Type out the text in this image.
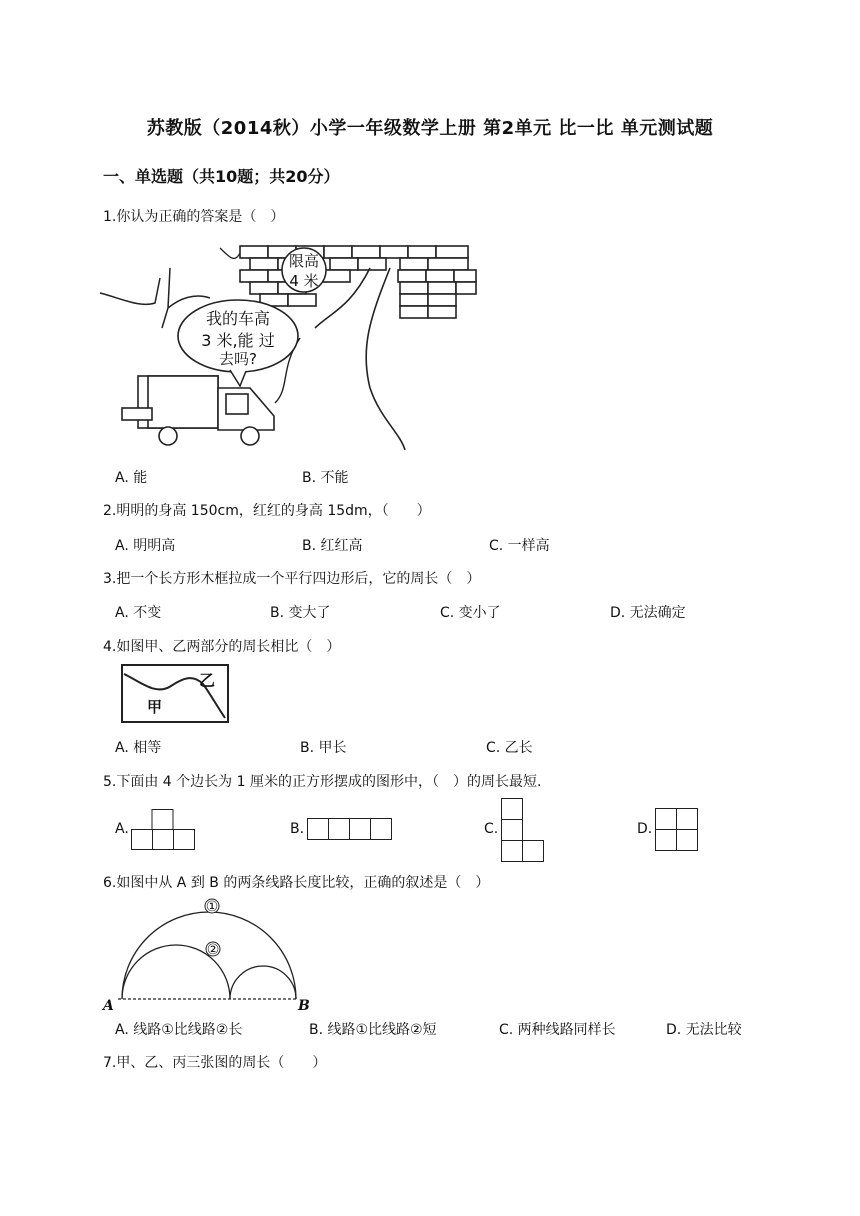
苏教版（2014秋）小学一年级数学上册 第2单元 比一比 单元测试题
一、单选题（共10题；共20分）
1.你认为正确的答案是（　）
限高
4 米
我的车高
3 米,能 过
去吗?
A. 能	B. 不能
2.明明的身高 150cm，红红的身高 15dm，（　　）
A. 明明高	B. 红红高	C. 一样高
3.把一个长方形木框拉成一个平行四边形后，它的周长（　）
A. 不变	B. 变大了	C. 变小了	D. 无法确定
4.如图甲、乙两部分的周长相比（　）
乙
甲
A. 相等	B. 甲长	C. 乙长
5.下面由 4 个边长为 1 厘米的正方形摆成的图形中，（　）的周长最短.
A.	B.	C.	D.
6.如图中从 A 到 B 的两条线路长度比较，正确的叙述是（　）
①
②
A	B
A. 线路①比线路②长	B. 线路①比线路②短	C. 两种线路同样长	D. 无法比较
7.甲、乙、丙三张图的周长（　　）
